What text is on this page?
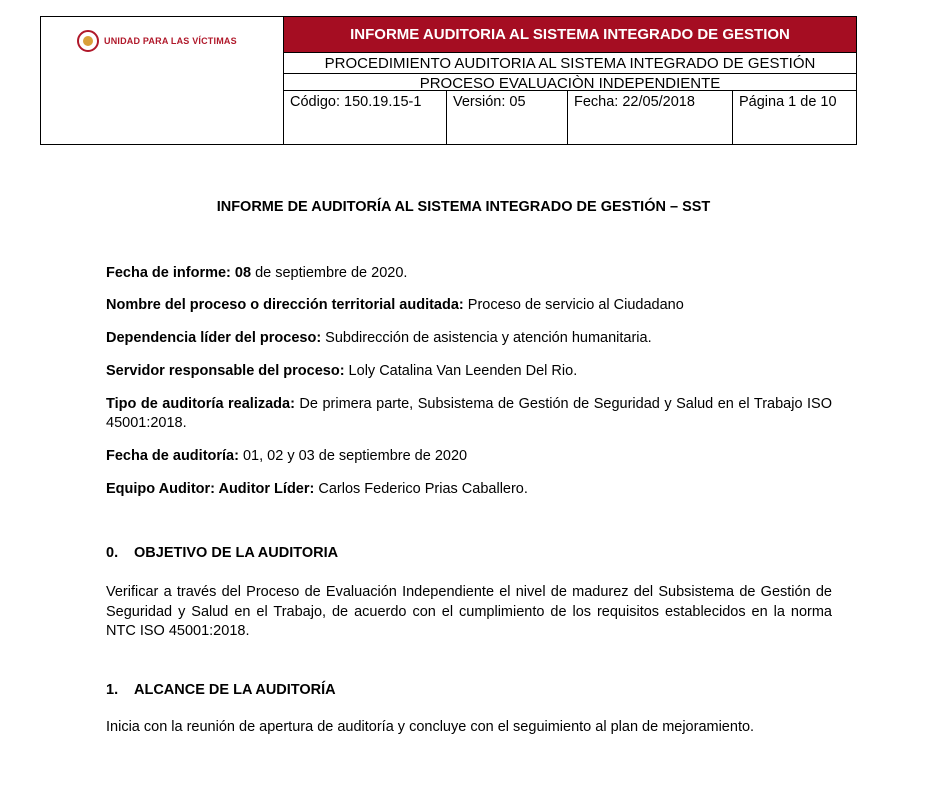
UNIDAD PARA LAS VÍCTIMAS	INFORME AUDITORIA AL SISTEMA INTEGRADO DE GESTION
PROCEDIMIENTO AUDITORIA AL SISTEMA INTEGRADO DE GESTIÓN
PROCESO EVALUACIÒN INDEPENDIENTE
Código: 150.19.15-1	Versión: 05	Fecha: 22/05/2018	Página 1 de 10
INFORME DE AUDITORÍA AL SISTEMA INTEGRADO DE GESTIÓN – SST
Fecha de informe: 08 de septiembre de 2020.
Nombre del proceso o dirección territorial auditada: Proceso de servicio al Ciudadano
Dependencia líder del proceso: Subdirección de asistencia y atención humanitaria.
Servidor responsable del proceso: Loly Catalina Van Leenden Del Rio.
Tipo de auditoría realizada: De primera parte, Subsistema de Gestión de Seguridad y Salud en el Trabajo ISO 45001:2018.
Fecha de auditoría: 01, 02 y 03 de septiembre de 2020
Equipo Auditor: Auditor Líder: Carlos Federico Prias Caballero.
0. OBJETIVO DE LA AUDITORIA
Verificar a través del Proceso de Evaluación Independiente el nivel de madurez del Subsistema de Gestión de Seguridad y Salud en el Trabajo, de acuerdo con el cumplimiento de los requisitos establecidos en la norma NTC ISO 45001:2018.
1. ALCANCE DE LA AUDITORÍA
Inicia con la reunión de apertura de auditoría y concluye con el seguimiento al plan de mejoramiento.
